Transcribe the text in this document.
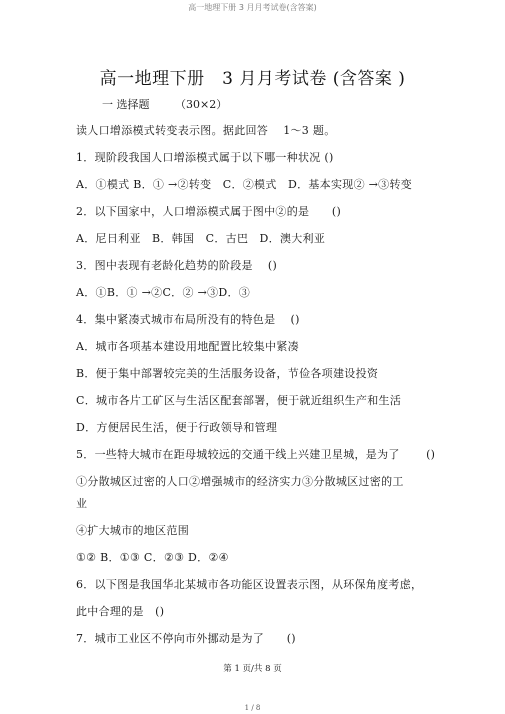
高一地理下册 3 月月考试卷(含答案)
高一地理下册　3 月月考试卷 (含答案 )
一 选择题 （30×2）
读人口增添模式转变表示图。据此回答　 1～3 题。
1．现阶段我国人口增添模式属于以下哪一种状况 ()
A．①模式 B．① →②转变　C．②模式　D．基本实现② →③转变
2．以下国家中，人口增添模式属于图中②的是　　()
A．尼日利亚　B．韩国　C．古巴　D．澳大利亚
3．图中表现有老龄化趋势的阶段是　 ()
A．①B．① →②C．② →③D．③
4．集中紧凑式城市布局所没有的特色是　 ()
A．城市各项基本建设用地配置比较集中紧凑
B．便于集中部署较完美的生活服务设备，节俭各项建设投资
C．城市各片工矿区与生活区配套部署，便于就近组织生产和生活
D．方便居民生活，便于行政领导和管理
5．一些特大城市在距母城较远的交通干线上兴建卫星城，是为了　　 ()
①分散城区过密的人口②增强城市的经济实力③分散城区过密的工
业
④扩大城市的地区范围
①② B．①③ C．②③ D．②④
6．以下图是我国华北某城市各功能区设置表示图，从环保角度考虑，
此中合理的是　()
7．城市工业区不停向市外挪动是为了　　()
第 1 页/共 8 页
1 / 8
